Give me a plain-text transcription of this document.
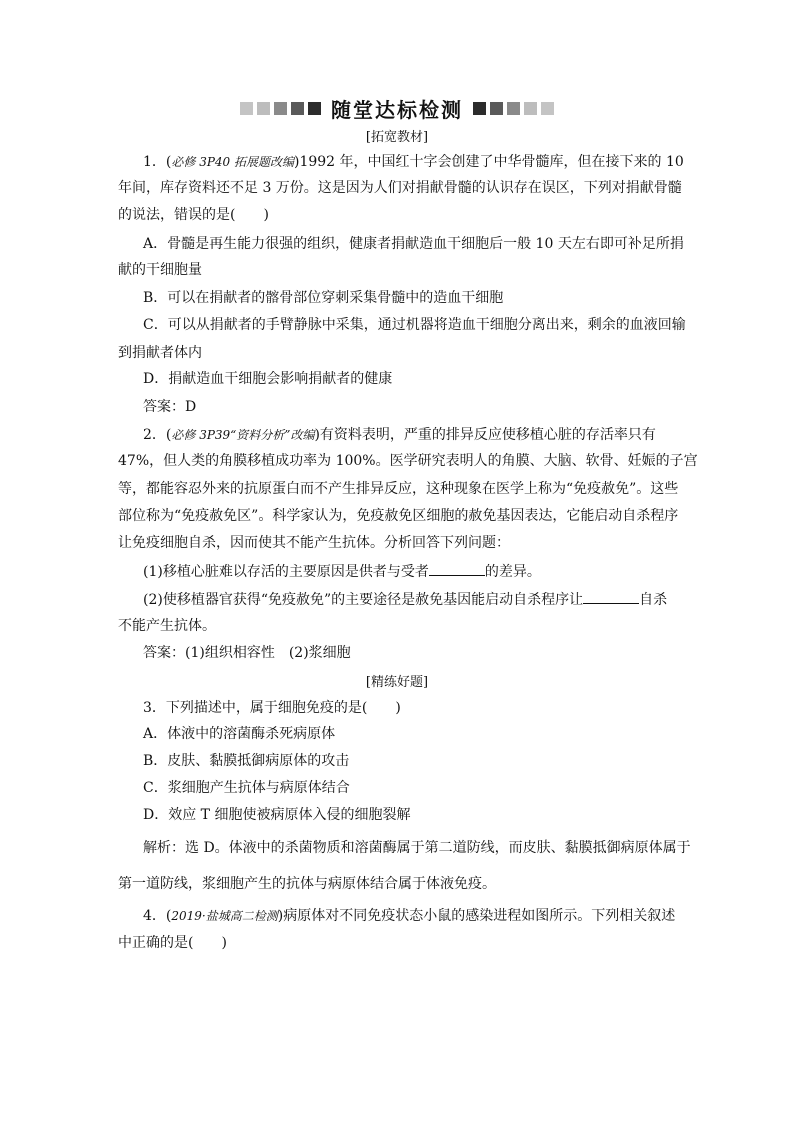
随堂达标检测
[拓宽教材]
1．(必修 3P40 拓展题改编)1992 年，中国红十字会创建了中华骨髓库，但在接下来的 10
年间，库存资料还不足 3 万份。这是因为人们对捐献骨髓的认识存在误区，下列对捐献骨髓
的说法，错误的是(　　)
A．骨髓是再生能力很强的组织，健康者捐献造血干细胞后一般 10 天左右即可补足所捐
献的干细胞量
B．可以在捐献者的髂骨部位穿刺采集骨髓中的造血干细胞
C．可以从捐献者的手臂静脉中采集，通过机器将造血干细胞分离出来，剩余的血液回输
到捐献者体内
D．捐献造血干细胞会影响捐献者的健康
答案：D
2．(必修 3P39“资料分析”改编)有资料表明，严重的排异反应使移植心脏的存活率只有
47%，但人类的角膜移植成功率为 100%。医学研究表明人的角膜、大脑、软骨、妊娠的子宫
等，都能容忍外来的抗原蛋白而不产生排异反应，这种现象在医学上称为“免疫赦免”。这些
部位称为“免疫赦免区”。科学家认为，免疫赦免区细胞的赦免基因表达，它能启动自杀程序
让免疫细胞自杀，因而使其不能产生抗体。分析回答下列问题：
(1)移植心脏难以存活的主要原因是供者与受者	的差异。
(2)使移植器官获得“免疫赦免”的主要途径是赦免基因能启动自杀程序让	自杀
不能产生抗体。
答案：(1)组织相容性　(2)浆细胞
[精练好题]
3．下列描述中，属于细胞免疫的是(　　)
A．体液中的溶菌酶杀死病原体
B．皮肤、黏膜抵御病原体的攻击
C．浆细胞产生抗体与病原体结合
D．效应 T 细胞使被病原体入侵的细胞裂解
解析：选 D。体液中的杀菌物质和溶菌酶属于第二道防线，而皮肤、黏膜抵御病原体属于
第一道防线，浆细胞产生的抗体与病原体结合属于体液免疫。
4．(2019·盐城高二检测)病原体对不同免疫状态小鼠的感染进程如图所示。下列相关叙述
中正确的是(　　)
